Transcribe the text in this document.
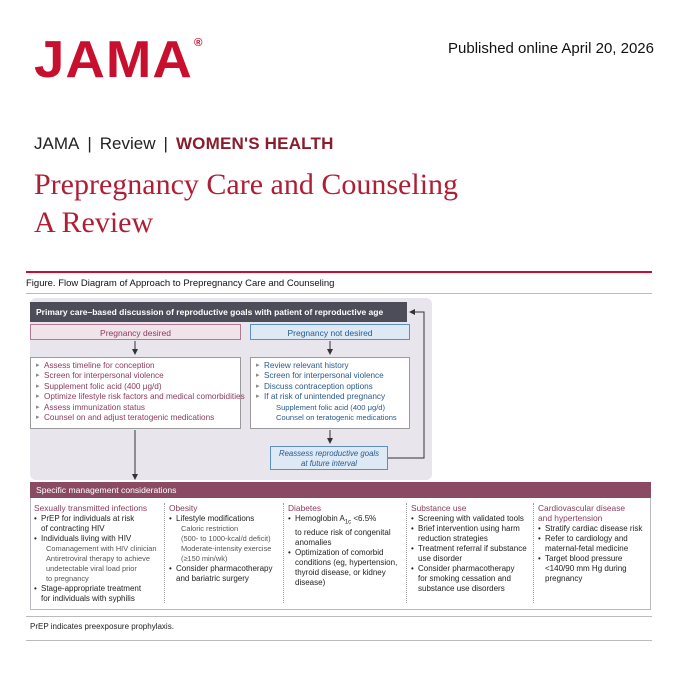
JAMA®	Published online April 20, 2026
JAMA | Review | WOMEN'S HEALTH
Prepregnancy Care and Counseling
A Review
Figure. Flow Diagram of Approach to Prepregnancy Care and Counseling
Primary care–based discussion of reproductive goals with patient of reproductive age
Pregnancy desired	Pregnancy not desired
▸ Assess timeline for conception
▸ Screen for interpersonal violence
▸ Supplement folic acid (400 μg/d)
▸ Optimize lifestyle risk factors and medical comorbidities
▸ Assess immunization status
▸ Counsel on and adjust teratogenic medications
▸ Review relevant history
▸ Screen for interpersonal violence
▸ Discuss contraception options
▸ If at risk of unintended pregnancy
Supplement folic acid (400 μg/d)
Counsel on teratogenic medications
Reassess reproductive goals
at future interval
Specific management considerations
Sexually transmitted infections
• PrEP for individuals at risk
of contracting HIV
• Individuals living with HIV
Comanagement with HIV clinician
Antiretroviral therapy to achieve
undetectable viral load prior
to pregnancy
• Stage-appropriate treatment
for individuals with syphilis
Obesity
• Lifestyle modifications
Caloric restriction
(500- to 1000-kcal/d deficit)
Moderate-intensity exercise
(≥150 min/wk)
• Consider pharmacotherapy
and bariatric surgery
Diabetes
• Hemoglobin $A_{1c} <6.5\%$
to reduce risk of congenital
anomalies
• Optimization of comorbid
conditions (eg, hypertension,
thyroid disease, or kidney
disease)
Substance use
• Screening with validated tools
• Brief intervention using harm
reduction strategies
• Treatment referral if substance
use disorder
• Consider pharmacotherapy
for smoking cessation and
substance use disorders
Cardiovascular disease
and hypertension
• Stratify cardiac disease risk
• Refer to cardiology and
maternal-fetal medicine
• Target blood pressure
<140/90 mm Hg during
pregnancy
PrEP indicates preexposure prophylaxis.
